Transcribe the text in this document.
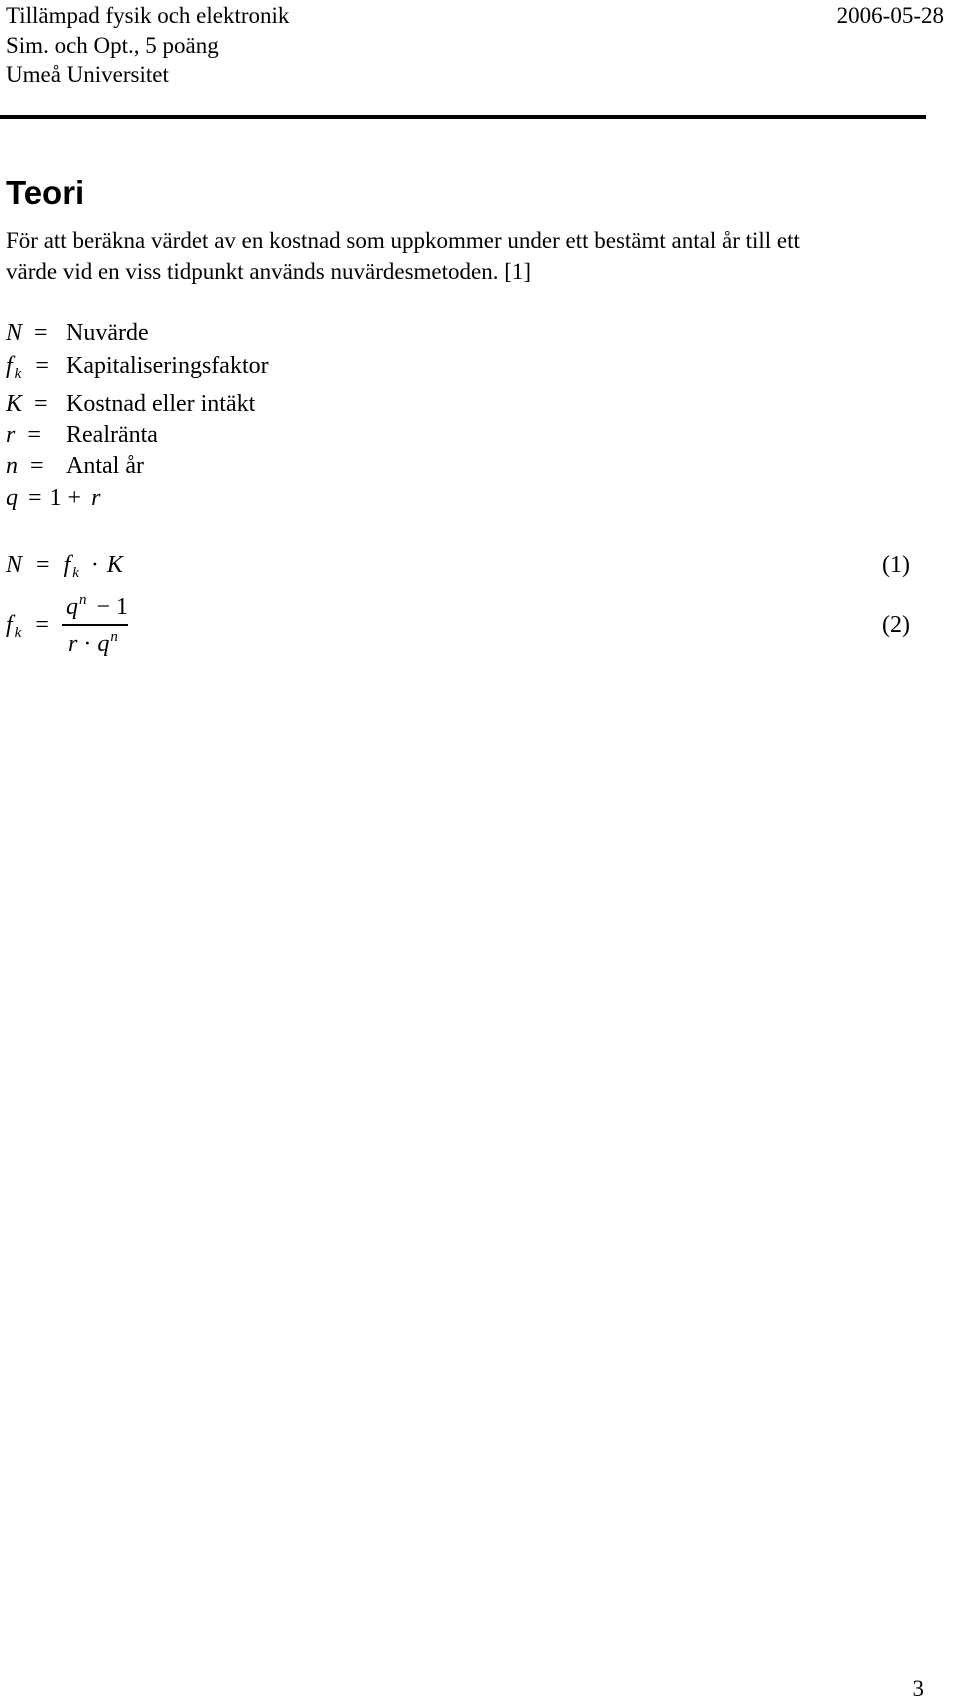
Tillämpad fysik och elektronik
Sim. och Opt., 5 poäng
Umeå Universitet
2006-05-28
Teori
För att beräkna värdet av en kostnad som uppkommer under ett bestämt antal år till ett
värde vid en viss tidpunkt används nuvärdesmetoden. [1]
N = Nuvärde
f $_k$ = Kapitaliseringsfaktor
K = Kostnad eller intäkt
r = Realränta
n = Antal år
q = 1 + r
N = f $_k$ · K	(1)
f $_k$ =
$q^n - 1$
$r \cdot q^n$	(2)
3
